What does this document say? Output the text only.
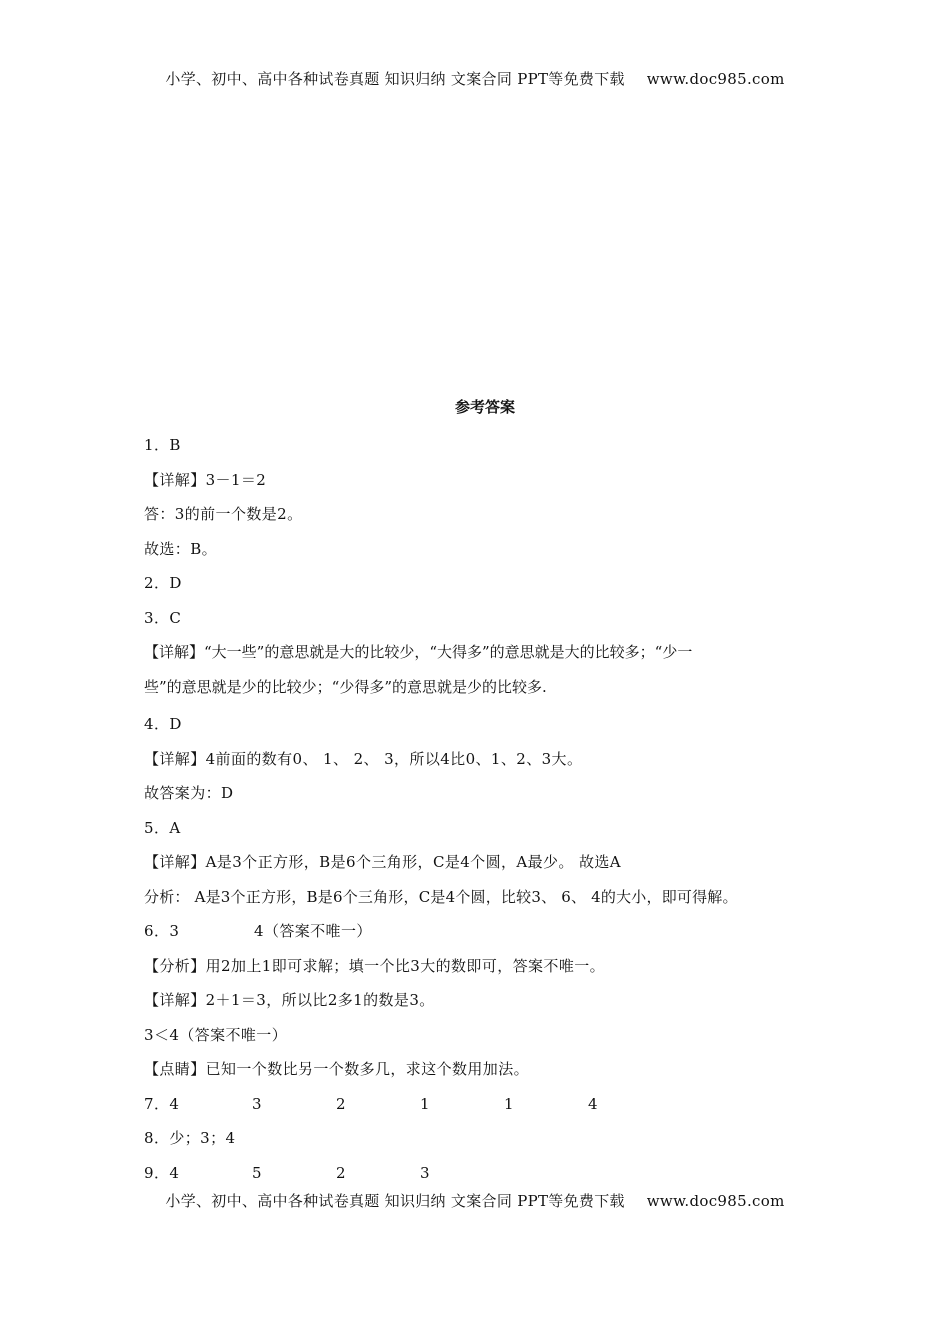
小学、初中、高中各种试卷真题 知识归纳 文案合同 PPT等免费下载 www.doc985.com
参考答案
1．B
【详解】3－1＝2
答：3的前一个数是2。
故选：B。
2．D
3．C
【详解】“大一些”的意思就是大的比较少，“大得多”的意思就是大的比较多；“少一
些”的意思就是少的比较少；“少得多”的意思就是少的比较多.
4．D
【详解】4前面的数有0、 1、 2、 3，所以4比0、1、2、3大。
故答案为：D
5．A
【详解】A是3个正方形，B是6个三角形，C是4个圆，A最少。 故选A
分析： A是3个正方形，B是6个三角形，C是4个圆，比较3、 6、 4的大小，即可得解。
6．3	4（答案不唯一）
【分析】用2加上1即可求解；填一个比3大的数即可，答案不唯一。
【详解】2＋1＝3，所以比2多1的数是3。
3＜4（答案不唯一）
【点睛】已知一个数比另一个数多几，求这个数用加法。
7．4	3	2	1	1	4
8．少；3；4
9．4	5	2	3
小学、初中、高中各种试卷真题 知识归纳 文案合同 PPT等免费下载 www.doc985.com
